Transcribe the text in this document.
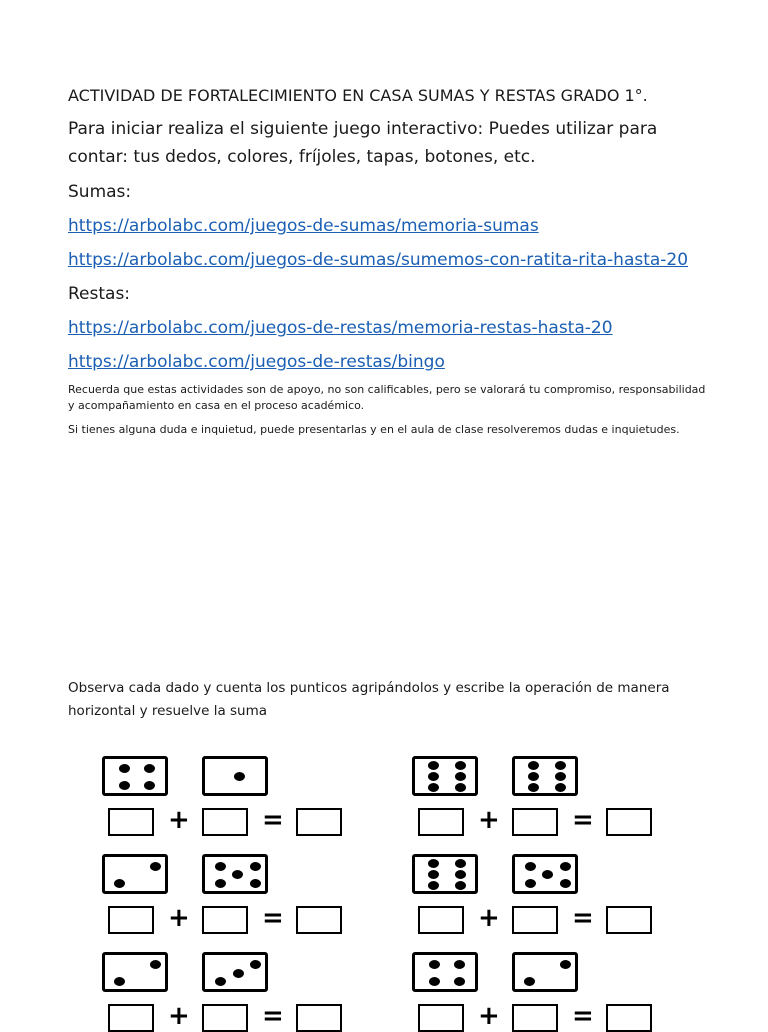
ACTIVIDAD DE FORTALECIMIENTO EN CASA SUMAS Y RESTAS GRADO 1°.

Para iniciar realiza el siguiente juego interactivo: Puedes utilizar para contar: tus dedos, colores, fríjoles, tapas, botones, etc.

Sumas:

https://arbolabc.com/juegos-de-sumas/memoria-sumas
https://arbolabc.com/juegos-de-sumas/sumemos-con-ratita-rita-hasta-20

Restas:

https://arbolabc.com/juegos-de-restas/memoria-restas-hasta-20
https://arbolabc.com/juegos-de-restas/bingo

Recuerda que estas actividades son de apoyo, no son calificables, pero se valorará tu compromiso, responsabilidad y acompañamiento en casa en el proceso académico.

Si tienes alguna duda e inquietud, puede presentarlas y en el aula de clase resolveremos dudas e inquietudes.

Observa cada dado y cuenta los punticos agripándolos y escribe la operación de manera horizontal y resuelve la suma

+	=
+	=
+	=
+	=
+	=
+	=
